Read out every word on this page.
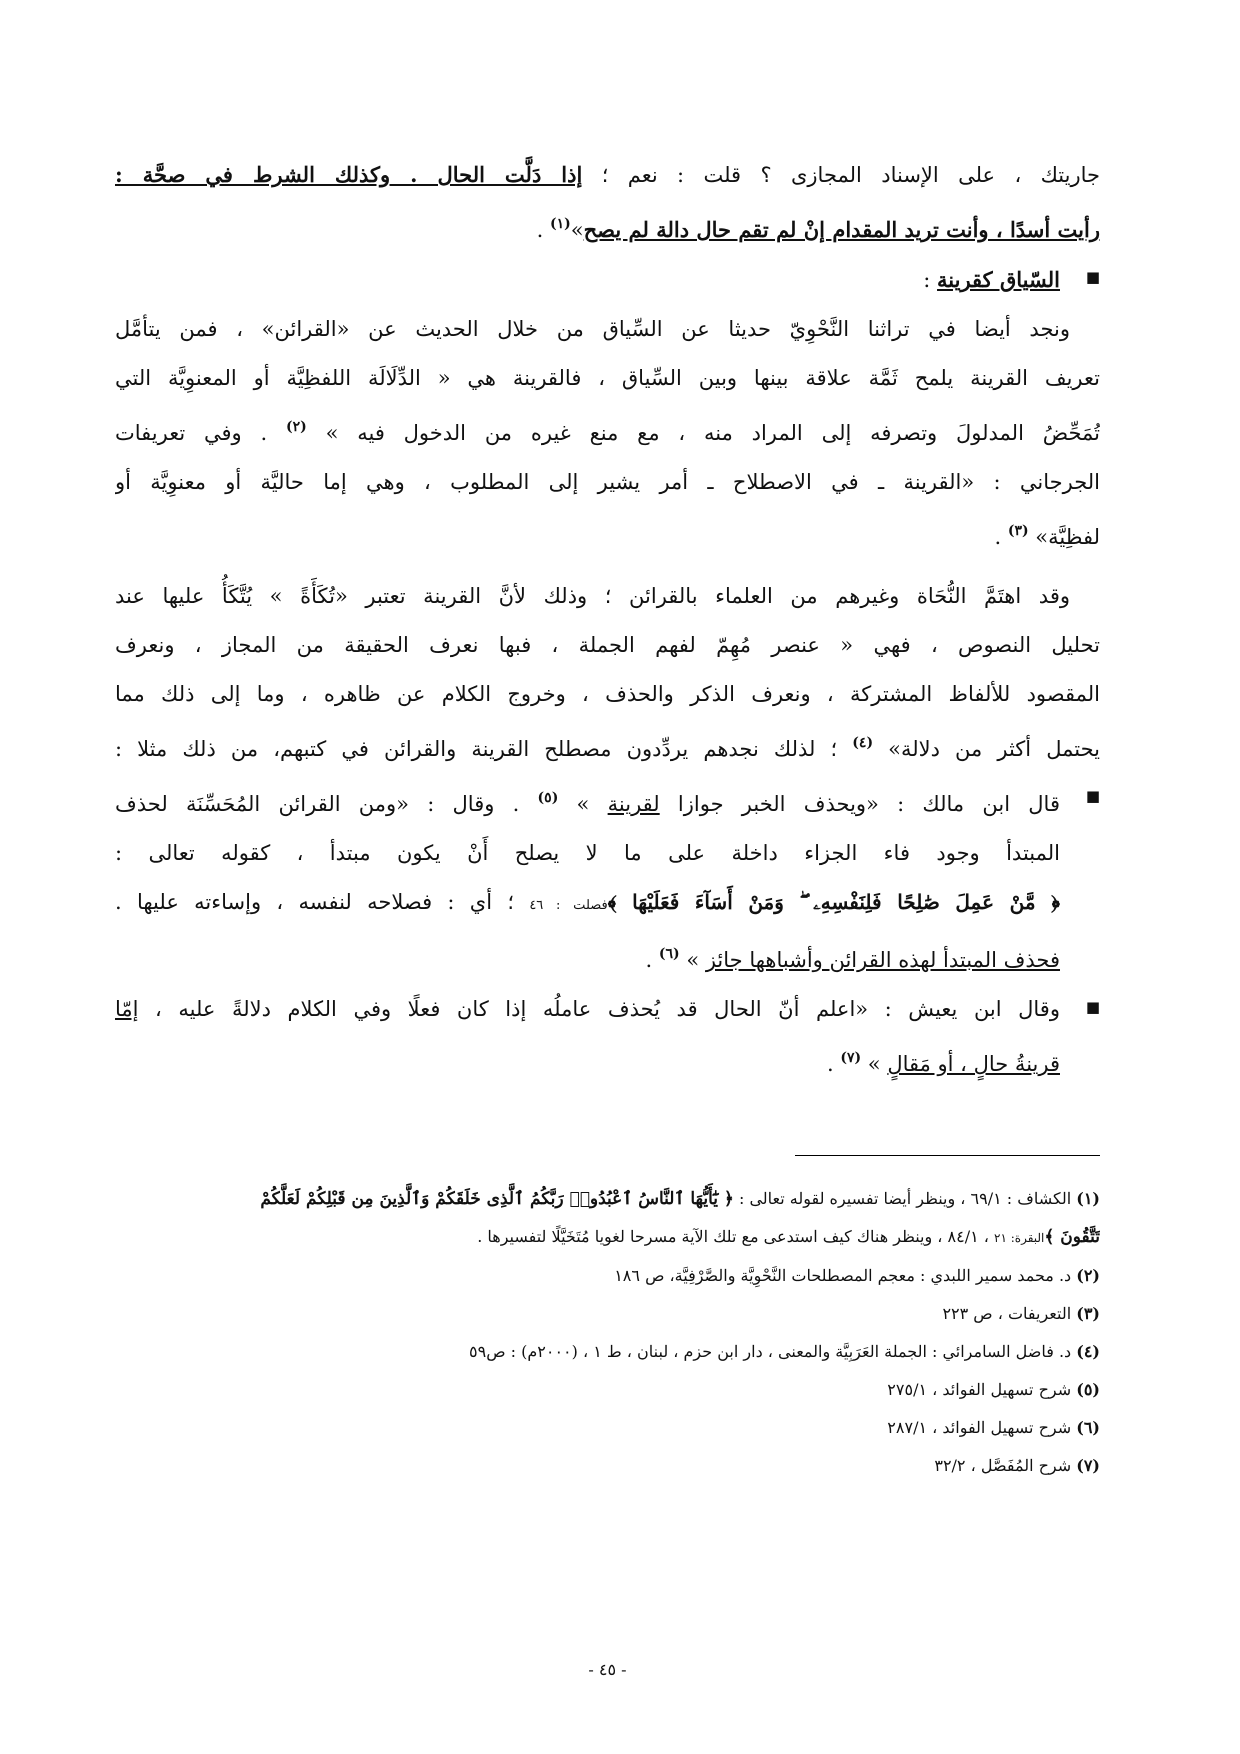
جاريتك ، على الإسناد المجازى ؟ قلت : نعم ؛ إذا دَلَّت الحال . وكذلك الشرط في صحَّة :
رأيت أسدًا ، وأنت تريد المقدام إنْ لم تقم حال دالة لم يصح»$^{(١)}$ .
■
السّياق كقرينة :
ونجد أيضا في تراثنا النَّحْوِيّ حديثا عن السِّياق من خلال الحديث عن «القرائن» ، فمن يتأمَّل
تعريف القرينة يلمح ثَمَّة علاقة بينها وبين السِّياق ، فالقرينة هي « الدِّلَالَة اللفظِيَّة أو المعنوِيَّة التي
تُمَحِّضُ المدلولَ وتصرفه إلى المراد منه ، مع منع غيره من الدخول فيه » $^{(٢)}$ . وفي تعريفات
الجرجاني : «القرينة ـ في الاصطلاح ـ أمر يشير إلى المطلوب ، وهي إما حاليَّة أو معنوِيَّة أو
لفظِيَّة» $^{(٣)}$ .
وقد اهتَمَّ النُّحَاة وغيرهم من العلماء بالقرائن ؛ وذلك لأنَّ القرينة تعتبر «تُكَأَةً » يُتَّكَأُ عليها عند
تحليل النصوص ، فهي « عنصر مُهِمّ لفهم الجملة ، فبها نعرف الحقيقة من المجاز ، ونعرف
المقصود للألفاظ المشتركة ، ونعرف الذكر والحذف ، وخروج الكلام عن ظاهره ، وما إلى ذلك مما
يحتمل أكثر من دلالة» $^{(٤)}$ ؛ لذلك نجدهم يردِّدون مصطلح القرينة والقرائن في كتبهم، من ذلك مثلا :
■
قال ابن مالك : «ويحذف الخبر جوازا لقرينة » $^{(٥)}$ . وقال : «ومن القرائن المُحَسِّنَة لحذف
المبتدأ وجود فاء الجزاء داخلة على ما لا يصلح أَنْ يكون مبتدأ ، كقوله تعالى :
﴿ مَّنْ عَمِلَ صَٰلِحًا فَلِنَفْسِهِۦ ۖ وَمَنْ أَسَآءَ فَعَلَيْهَا ﴾فصلت : ٤٦ ؛ أي : فصلاحه لنفسه ، وإساءته عليها .
فحذف المبتدأ لهذه القرائن وأشباهها جائز » $^{(٦)}$ .
■
وقال ابن يعيش : «اعلم أنّ الحال قد يُحذف عاملُه إذا كان فعلًا وفي الكلام دلالةً عليه ، إمّا
قرينةُ حالٍ ، أو مَقالٍ » $^{(٧)}$ .
(١) الكشاف : ٦٩/١ ، وينظر أيضا تفسيره لقوله تعالى : ﴿ يَٰٓأَيُّهَا ٱلنَّاسُ ٱعْبُدُوا۟ رَبَّكُمُ ٱلَّذِى خَلَقَكُمْ وَٱلَّذِينَ مِن قَبْلِكُمْ لَعَلَّكُمْ
تَتَّقُونَ ﴾البقرة: ٢١ ، ٨٤/١ ، وينظر هناك كيف استدعى مع تلك الآية مسرحا لغويا مُتَخَيَّلًا لتفسيرها .
(٢) د. محمد سمير اللبدي : معجم المصطلحات النَّحْوِيَّة والصَّرْفِيَّة، ص ١٨٦
(٣) التعريفات ، ص ٢٢٣
(٤) د. فاضل السامرائي : الجملة العَرَبِيَّة والمعنى ، دار ابن حزم ، لبنان ، ط ١ ، (٢٠٠٠م) : ص٥٩
(٥) شرح تسهيل الفوائد ، ٢٧٥/١
(٦) شرح تسهيل الفوائد ، ٢٨٧/١
(٧) شرح المُفَصَّل ، ٣٢/٢
- ٤٥ -
